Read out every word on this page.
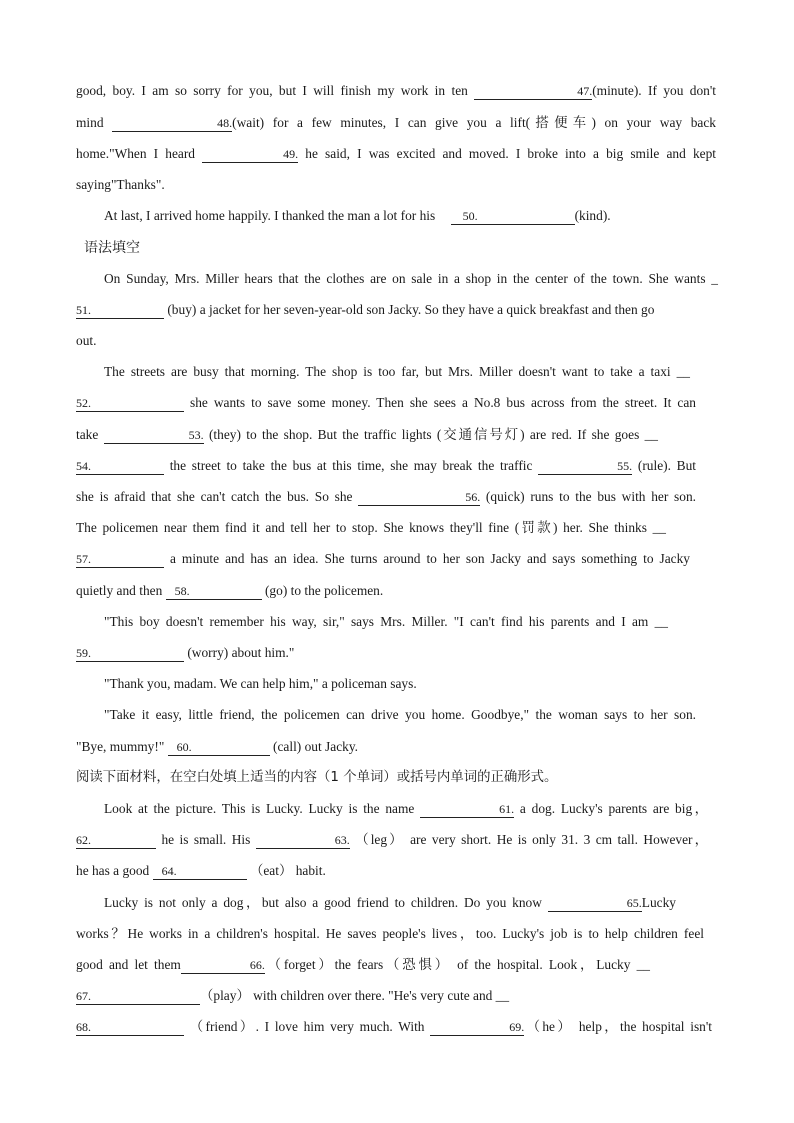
good, boy. I am so sorry for you, but I will finish my work in ten	47.(minute). If you don't
mind	48.(wait) for a few minutes, I can give you a lift(搭便车) on your way back
home."When I heard	49. he said, I was excited and moved. I broke into a big smile and kept
saying"Thanks".
At last, I arrived home happily. I thanked the man a lot for his     50.	(kind).
语法填空
On Sunday, Mrs. Miller hears that the clothes are on sale in a shop in the center of the town. She wants _
51.	(buy) a jacket for her seven-year-old son Jacky. So they have a quick breakfast and then go
out.
The streets are busy that morning. The shop is too far, but Mrs. Miller doesn't want to take a taxi __
52.	she wants to save some money. Then she sees a No.8 bus across from the street. It can
take	53. (they) to the shop. But the traffic lights (交通信号灯) are red. If she goes __
54.	the street to take the bus at this time, she may break the traffic	55. (rule). But
she is afraid that she can't catch the bus. So she	56. (quick) runs to the bus with her son.
The policemen near them find it and tell her to stop. She knows they'll fine (罚款) her. She thinks __
57.	a minute and has an idea. She turns around to her son Jacky and says something to Jacky
quietly and then    58.	(go) to the policemen.
"This boy doesn't remember his way, sir," says Mrs. Miller. "I can't find his parents and I am __
59.	(worry) about him."
"Thank you, madam. We can help him," a policeman says.
"Take it easy, little friend, the policemen can drive you home. Goodbye," the woman says to her son.
"Bye, mummy!"    60.	(call) out Jacky.
阅读下面材料，在空白处填上适当的内容（1 个单词）或括号内单词的正确形式。
Look at the picture. This is Lucky. Lucky is the name	61. a dog. Lucky's parents are big，
62.	he is small. His	63. （leg） are very short. He is only 31. 3 cm tall. However，
he has a good    64.	（eat） habit.
Lucky is not only a dog，but also a good friend to children. Do you know	65.Lucky
works？He works in a children's hospital. He saves people's lives，too. Lucky's job is to help children feel
good and let them	66.（forget）the fears（恐惧） of the hospital. Look，Lucky __
67.	（play） with children over there. "He's very cute and __
68.	（friend）. I love him very much. With	69.（he） help，the hospital isn't
